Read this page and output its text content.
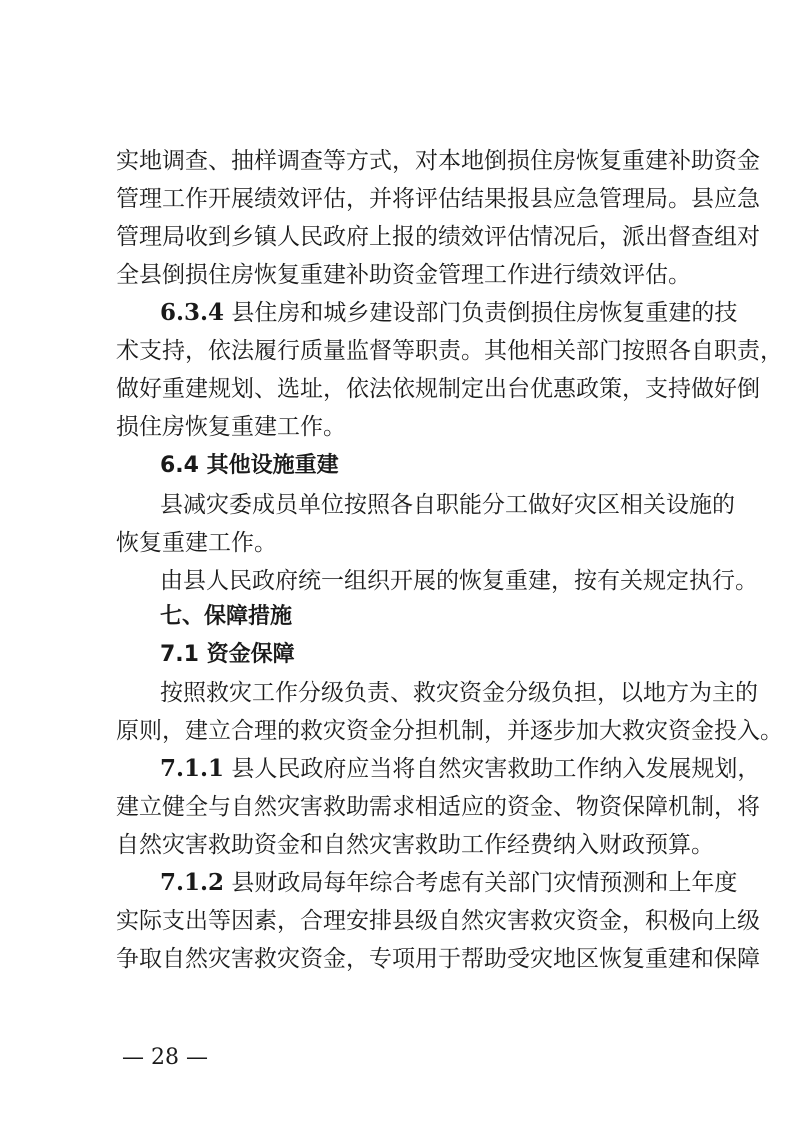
实地调查、抽样调查等方式，对本地倒损住房恢复重建补助资金
管理工作开展绩效评估，并将评估结果报县应急管理局。县应急
管理局收到乡镇人民政府上报的绩效评估情况后，派出督查组对
全县倒损住房恢复重建补助资金管理工作进行绩效评估。
6.3.4 县住房和城乡建设部门负责倒损住房恢复重建的技
术支持，依法履行质量监督等职责。其他相关部门按照各自职责，
做好重建规划、选址，依法依规制定出台优惠政策，支持做好倒
损住房恢复重建工作。
6.4 其他设施重建
县减灾委成员单位按照各自职能分工做好灾区相关设施的
恢复重建工作。
由县人民政府统一组织开展的恢复重建，按有关规定执行。
七、保障措施
7.1 资金保障
按照救灾工作分级负责、救灾资金分级负担，以地方为主的
原则，建立合理的救灾资金分担机制，并逐步加大救灾资金投入。
7.1.1 县人民政府应当将自然灾害救助工作纳入发展规划，
建立健全与自然灾害救助需求相适应的资金、物资保障机制，将
自然灾害救助资金和自然灾害救助工作经费纳入财政预算。
7.1.2 县财政局每年综合考虑有关部门灾情预测和上年度
实际支出等因素，合理安排县级自然灾害救灾资金，积极向上级
争取自然灾害救灾资金，专项用于帮助受灾地区恢复重建和保障
— 28 —
